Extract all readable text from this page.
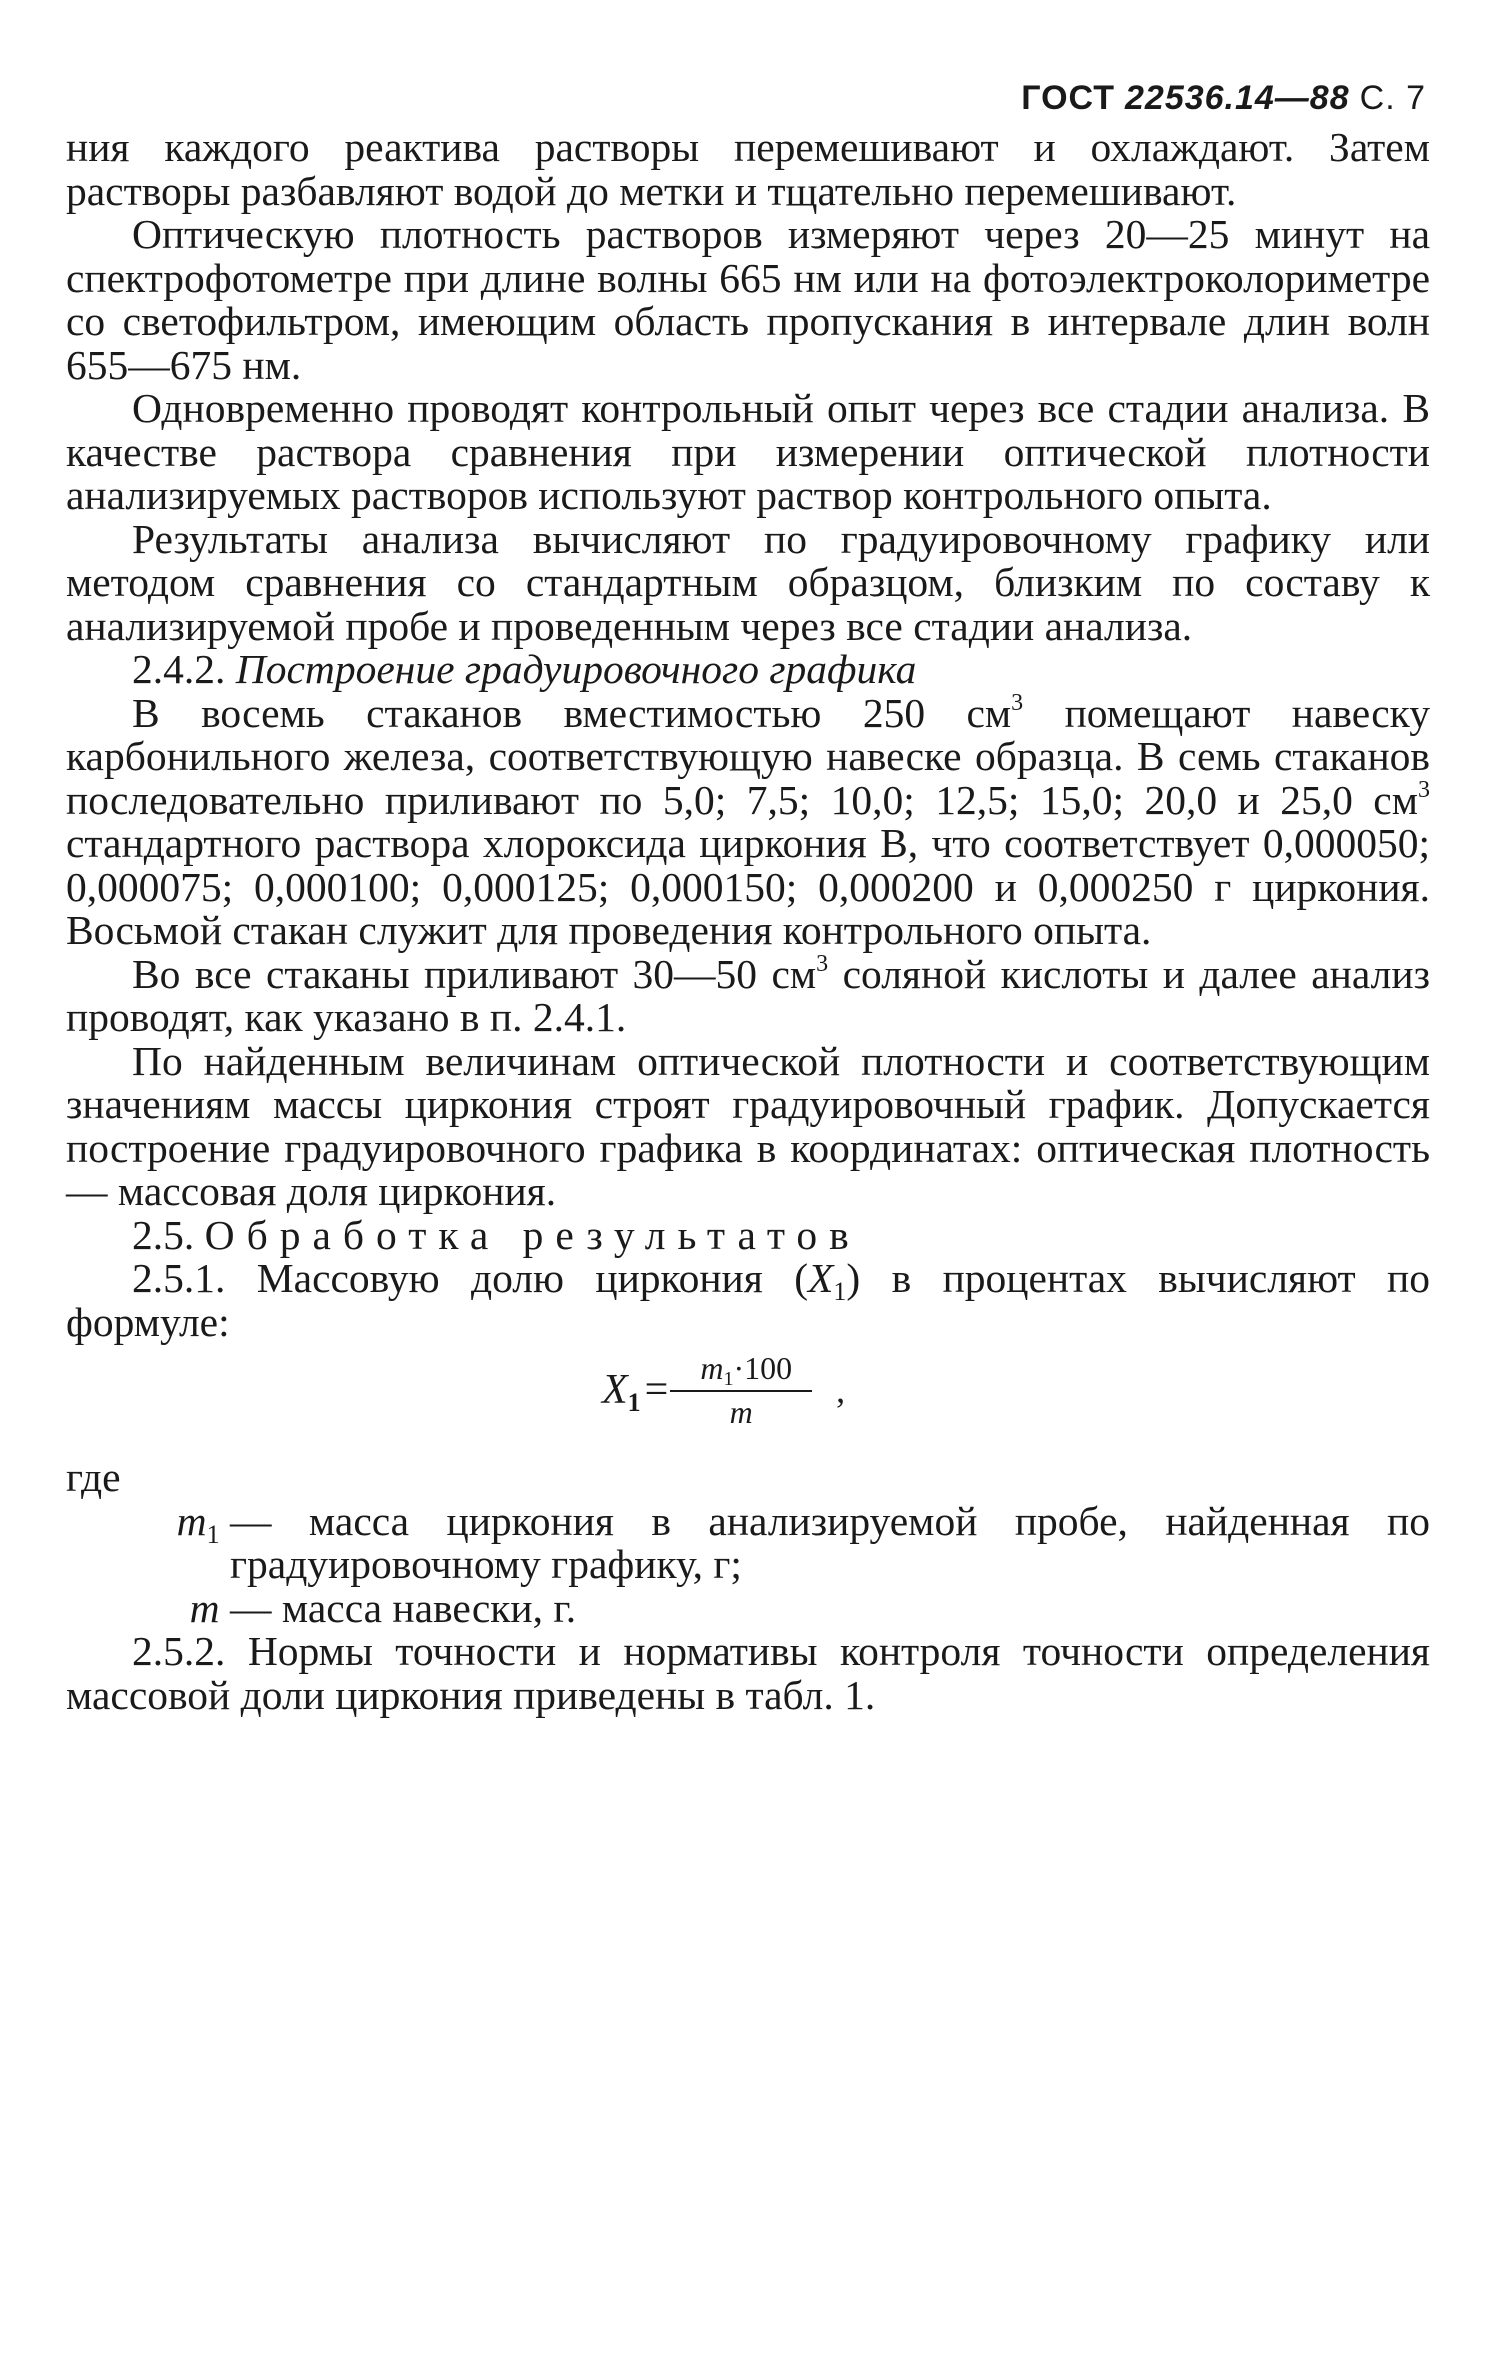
ГОСТ 22536.14—88 С. 7

ния каждого реактива растворы перемешивают и охлаждают. Затем растворы разбавляют водой до метки и тщательно перемешивают.

Оптическую плотность растворов измеряют через 20—25 минут на спектрофотометре при длине волны 665 нм или на фотоэлектроколориметре со светофильтром, имеющим область пропускания в интервале длин волн 655—675 нм.

Одновременно проводят контрольный опыт через все стадии анализа. В качестве раствора сравнения при измерении оптической плотности анализируемых растворов используют раствор контрольного опыта.

Результаты анализа вычисляют по градуировочному графику или методом сравнения со стандартным образцом, близким по составу к анализируемой пробе и проведенным через все стадии анализа.

2.4.2. Построение градуировочного графика

В восемь стаканов вместимостью 250 $см^3$ помещают навеску карбонильного железа, соответствующую навеске образца. В семь стаканов последовательно приливают по 5,0; 7,5; 10,0; 12,5; 15,0; 20,0 и 25,0 $см^3$ стандартного раствора хлороксида циркония В, что соответствует 0,000050; 0,000075; 0,000100; 0,000125; 0,000150; 0,000200 и 0,000250 г циркония. Восьмой стакан служит для проведения контрольного опыта.

Во все стаканы приливают 30—50 $см^3$ соляной кислоты и далее анализ проводят, как указано в п. 2.4.1.

По найденным величинам оптической плотности и соответствующим значениям массы циркония строят градуировочный график. Допускается построение градуировочного графика в координатах: оптическая плотность — массовая доля циркония.

2.5. Обработка результатов

2.5.1. Массовую долю циркония $(X_1)$ в процентах вычисляют по формуле:

$X_1 = \frac{m_1\cdot 100}{m}$ ,

где

$m_1$ — масса циркония в анализируемой пробе, найденная по градуировочному графику, г;
m — масса навески, г.

2.5.2. Нормы точности и нормативы контроля точности определения массовой доли циркония приведены в табл. 1.
